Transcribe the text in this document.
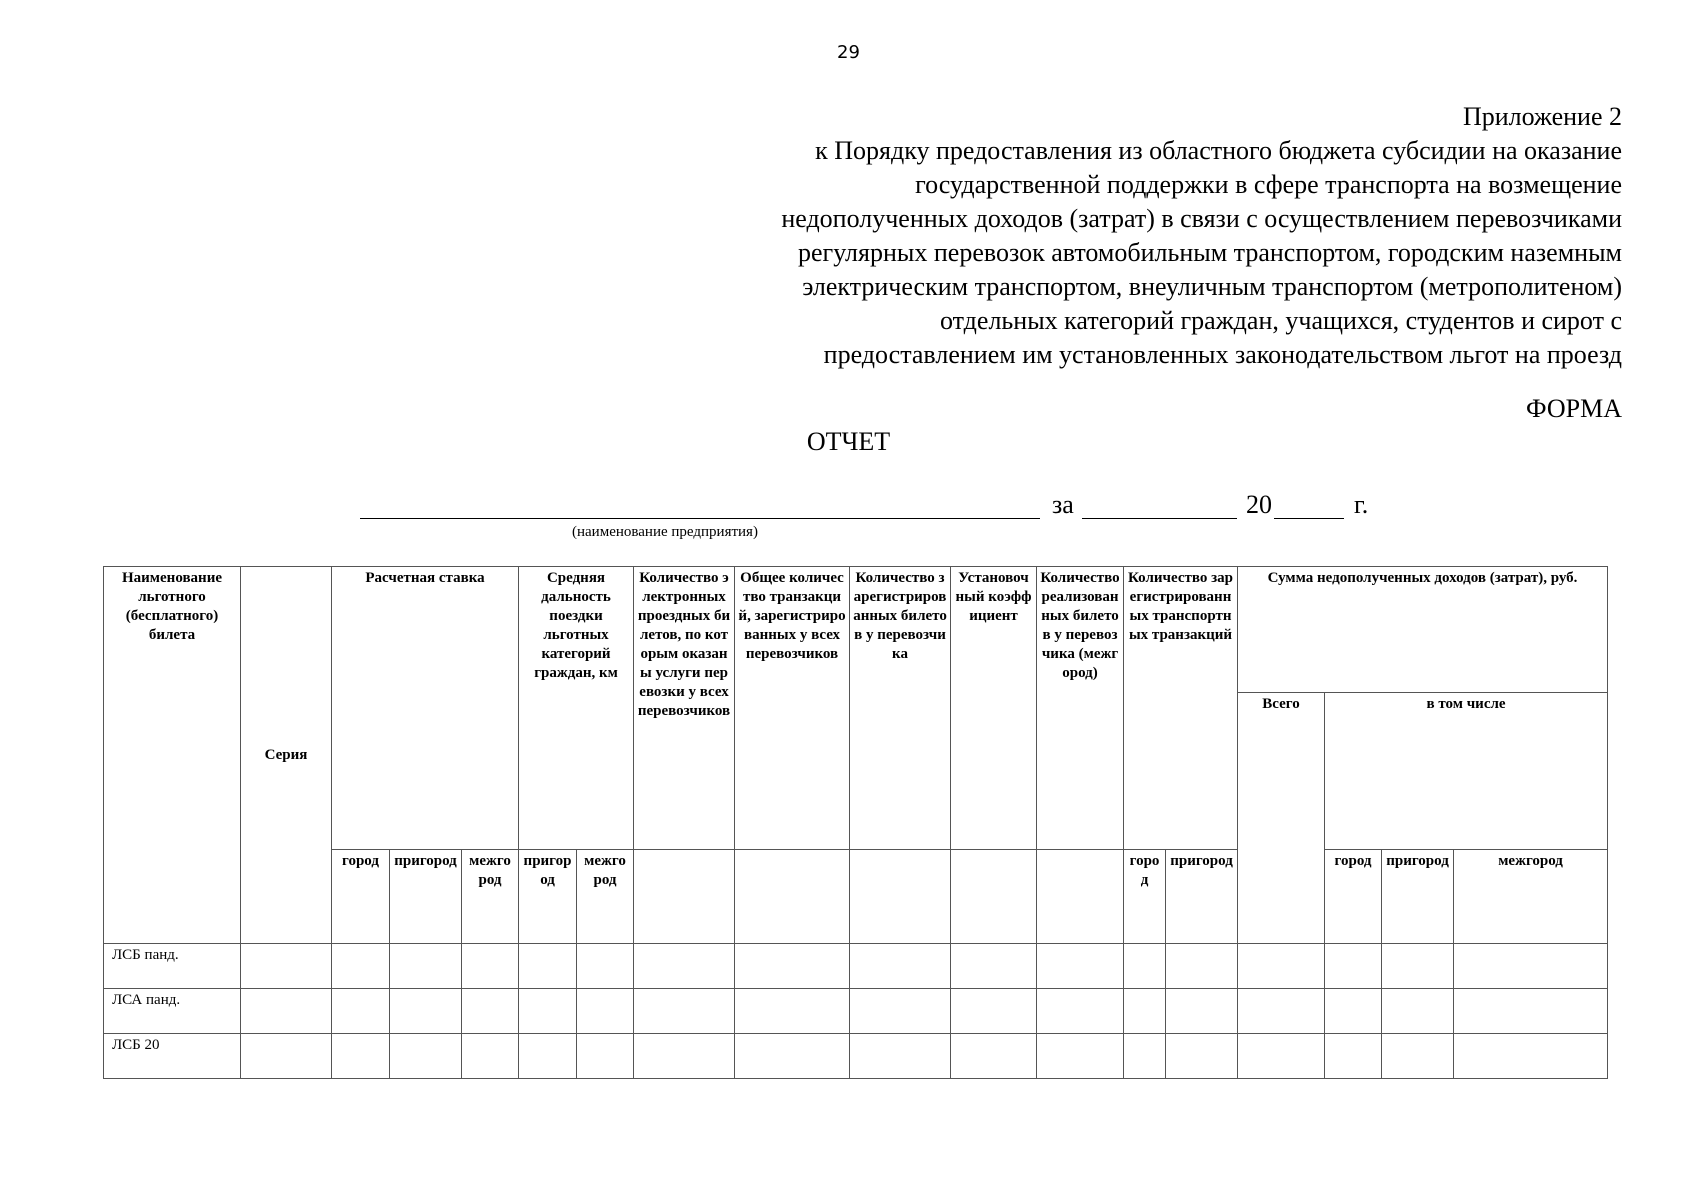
29
Приложение 2
к Порядку предоставления из областного бюджета субсидии на оказание
государственной поддержки в сфере транспорта на возмещение
недополученных доходов (затрат) в связи с осуществлением перевозчиками
регулярных перевозок автомобильным транспортом, городским наземным
электрическим транспортом, внеуличным транспортом (метрополитеном)
отдельных категорий граждан, учащихся, студентов и сирот с
предоставлением им установленных законодательством льгот на проезд
ФОРМА
ОТЧЕТ
за	20	г.
(наименование предприятия)
Наименование льготного (бесплатного) билета	Серия	Расчетная ставка			Средняя дальность поездки льготных категорий граждан, км		Количество электронных проездных билетов, по которым оказаны услуги перевозки у всех перевозчиков	Общее количество транзакций, зарегистрированных у всех перевозчиков	Количество зарегистрированных билетов у перевозчика	Установочный коэффициент	Количество реализованных билетов у перевозчика (межгород)	Количество зарегистрированных транспортных транзакций		Сумма недополученных доходов (затрат), руб.			
														Всего	в том числе		
		город	пригород	межгород	пригород	межгород						город	пригород		город	пригород	межгород
ЛСБ панд.																	
ЛСА панд.																	
ЛСБ 20																	
